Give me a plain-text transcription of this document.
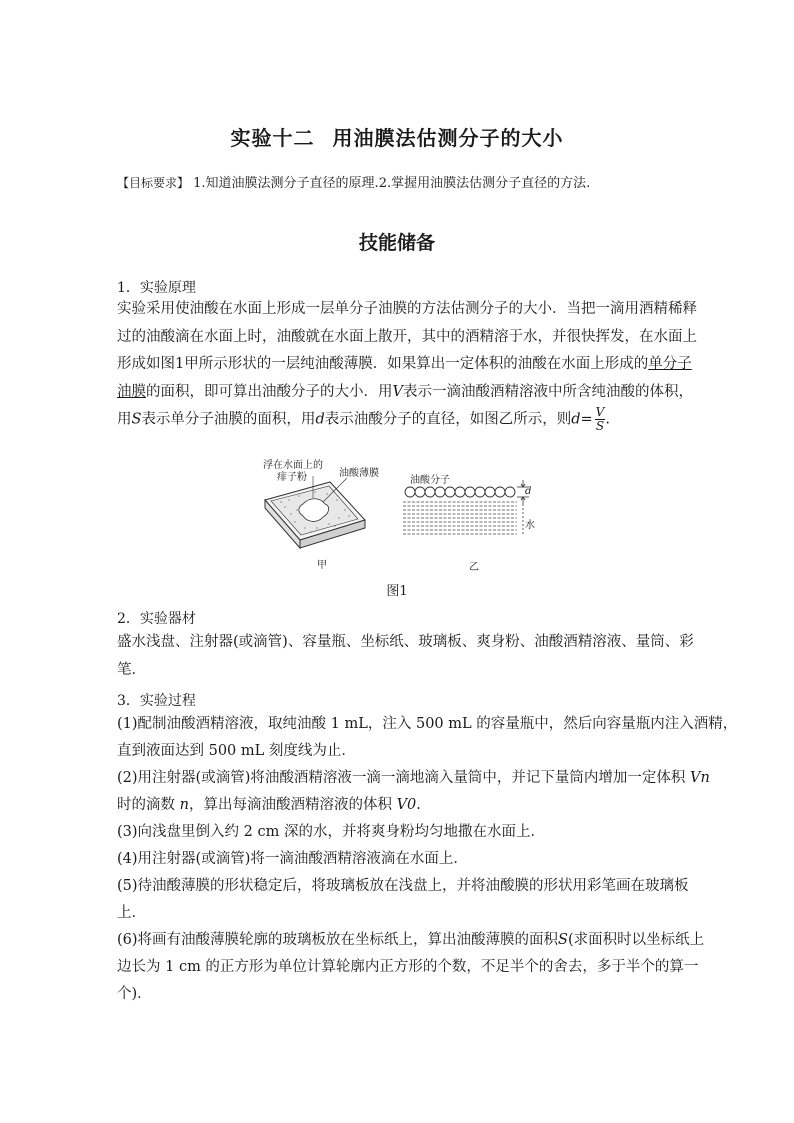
实验十二 用油膜法估测分子的大小
【目标要求】 1.知道油膜法测分子直径的原理.2.掌握用油膜法估测分子直径的方法.
技能储备
1．实验原理
实验采用使油酸在水面上形成一层单分子油膜的方法估测分子的大小．当把一滴用酒精稀释
过的油酸滴在水面上时，油酸就在水面上散开，其中的酒精溶于水，并很快挥发，在水面上
形成如图1甲所示形状的一层纯油酸薄膜．如果算出一定体积的油酸在水面上形成的单分子
油膜的面积，即可算出油酸分子的大小．用V表示一滴油酸酒精溶液中所含纯油酸的体积，
用S表示单分子油膜的面积，用d表示油酸分子的直径，如图乙所示，则$d= \frac{V}{S}$ .
浮在水面上的
痱子粉	油酸薄膜
油酸分子
d
水
甲	乙
图1
2．实验器材
盛水浅盘、注射器(或滴管)、容量瓶、坐标纸、玻璃板、爽身粉、油酸酒精溶液、量筒、彩
笔．
3．实验过程
(1)配制油酸酒精溶液，取纯油酸 1 mL，注入 500 mL 的容量瓶中，然后向容量瓶内注入酒精，
直到液面达到 500 mL 刻度线为止．
(2)用注射器(或滴管)将油酸酒精溶液一滴一滴地滴入量筒中，并记下量筒内增加一定体积 Vn
时的滴数 n，算出每滴油酸酒精溶液的体积 V0.
(3)向浅盘里倒入约 2 cm 深的水，并将爽身粉均匀地撒在水面上．
(4)用注射器(或滴管)将一滴油酸酒精溶液滴在水面上．
(5)待油酸薄膜的形状稳定后，将玻璃板放在浅盘上，并将油酸膜的形状用彩笔画在玻璃板
上．
(6)将画有油酸薄膜轮廓的玻璃板放在坐标纸上，算出油酸薄膜的面积S(求面积时以坐标纸上
边长为 1 cm 的正方形为单位计算轮廓内正方形的个数，不足半个的舍去，多于半个的算一
个)．
